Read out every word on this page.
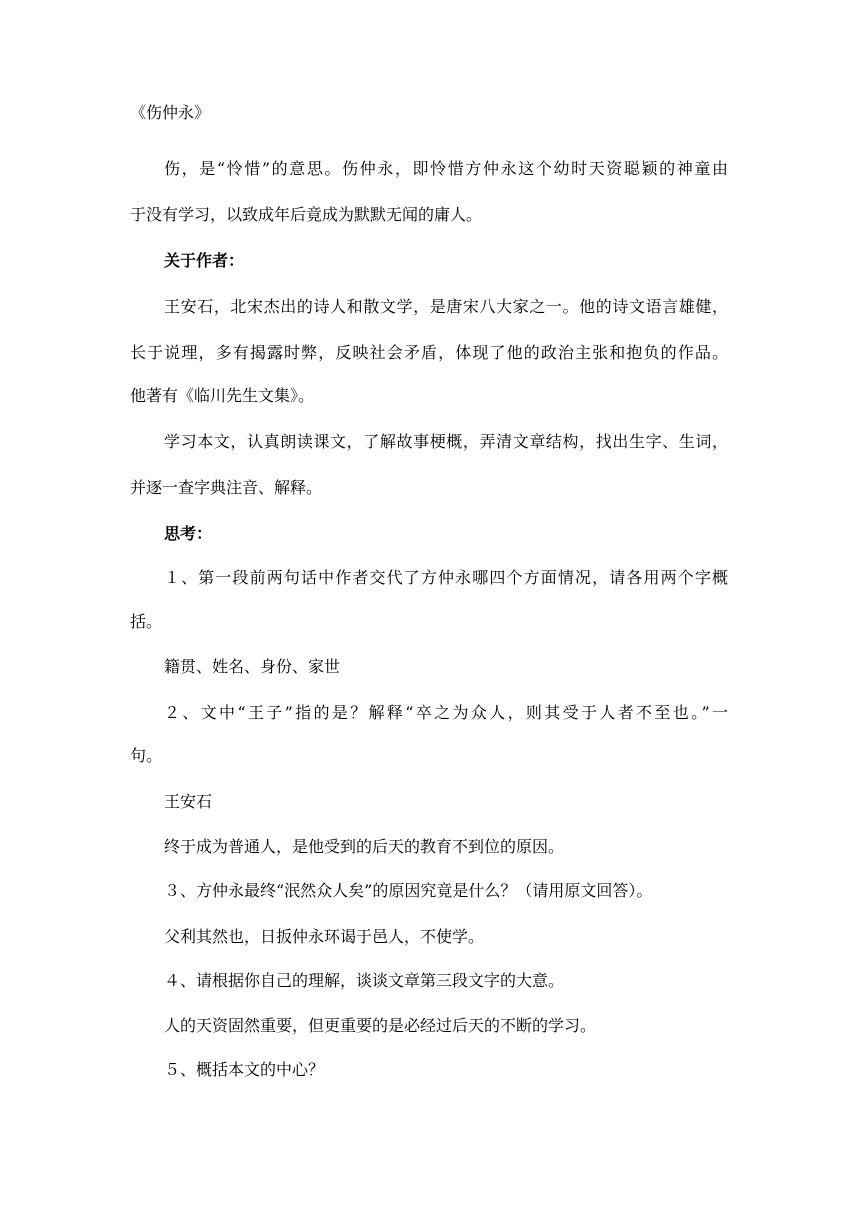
《伤仲永》
伤，是“怜惜”的意思。伤仲永，即怜惜方仲永这个幼时天资聪颖的神童由
于没有学习，以致成年后竟成为默默无闻的庸人。
关于作者：
王安石，北宋杰出的诗人和散文学，是唐宋八大家之一。他的诗文语言雄健，
长于说理，多有揭露时弊，反映社会矛盾，体现了他的政治主张和抱负的作品。
他著有《临川先生文集》。
学习本文，认真朗读课文，了解故事梗概，弄清文章结构，找出生字、生词，
并逐一查字典注音、解释。
思考：
１、第一段前两句话中作者交代了方仲永哪四个方面情况，请各用两个字概
括。
籍贯、姓名、身份、家世
２、文中“王子”指的是？解释“卒之为众人，则其受于人者不至也。”一
句。
王安石
终于成为普通人，是他受到的后天的教育不到位的原因。
３、方仲永最终“泯然众人矣”的原因究竟是什么？（请用原文回答）。
父利其然也，日扳仲永环谒于邑人，不使学。
４、请根据你自己的理解，谈谈文章第三段文字的大意。
人的天资固然重要，但更重要的是必经过后天的不断的学习。
５、概括本文的中心？
